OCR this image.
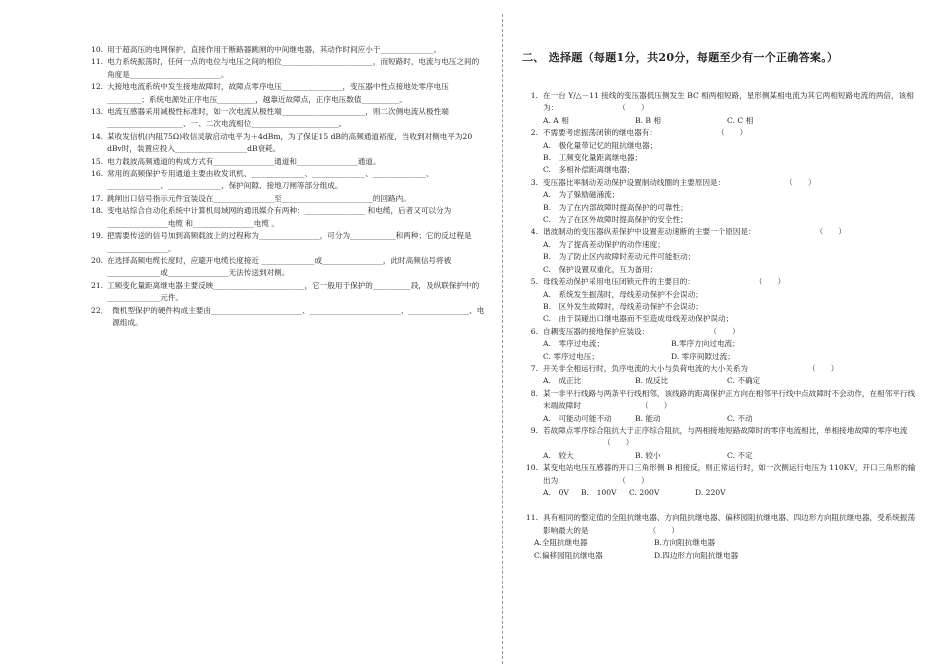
10. 用于超高压的电网保护，直接作用于断路器跳闸的中间继电器，其动作时间应小于______________。
11. 电力系统振荡时，任何一点的电位与电压之间的相位________________________，而短路时，电流与电压之间的角度是________________________。
12. 大接地电流系统中发生接地故障时，故障点零序电压________________，变压器中性点接地处零序电压_________；系统电源处正序电压__________，越靠近故障点，正序电压数值__________。
13. 电流互感器采用减极性标准时，如一次电流从极性端______________________，则二次侧电流从极性端____________________、一、二次电流相位_______________________。
14. 某收发信机(内阻75Ω)收信灵敏启动电平为＋4dBm，为了保证15 dB的高频通道裕度，当收到对侧电平为20 dBv时，装置应投入___________________dB衰耗。
15. 电力载波高频通道的构成方式有________________通道和________________通道。
16. 常用的高频保护专用通道主要由收发讯机、______________、______________、______________、______________、______________、保护间隙、接地刀闸等部分组成。
17. 跳闸出口信号指示元件宜装设在________________至________________________的回路内。
18. 变电站综合自动化系统中计算机局域网的通讯媒介有两种：________________ 和电缆，后者又可以分为________________电缆 和________________电缆 。
19. 把需要传送的信号加到高频载波上的过程称为________________，可分为____________和两种；它的反过程是________________。
20. 在选择高频电缆长度时，应避开电缆长度接近 ______________或________________，此时高频信号将被______________或________________无法传送到对侧。
21. 工频变化量距离继电器主要反映________________________，它一般用于保护的__________段，及纵联保护中的______________元件。
22． 微机型保护的硬件构成主要由________________________、________________________、________________、电源组成。
二、 选择题（每题1分，共20分，每题至少有一个正确答案。）
1. 在一台 Y/△－11 接线的变压器低压侧发生 BC 相两相短路，星形侧某相电流为其它两相短路电流的两倍，该相为：	（　　）
A. A 相	B. B 相	C. C 相
2. 不需要考虑振荡闭锁的继电器有：	（　　）
A.　极化量带记忆的阻抗继电器；
B.　工频变化量距离继电器；
C.　多相补偿距离继电器；
3. 变压器比率制动差动保护设置制动线圈的主要原因是：	（　　）
A.　为了躲励磁涌流；
B.　为了在内部故障时提高保护的可靠性；
C.　为了在区外故障时提高保护的安全性；
4. 谐波制动的变压器纵差保护中设置差动速断的主要一个原因是：	（　　）
A.　为了提高差动保护的动作速度；
B.　为了防止区内故障时差动元件可能拒动；
C.　保护设置双重化，互为备用；
5. 母线差动保护采用电压闭锁元件的主要目的：	（　　）
A.　系统发生振荡时，母线差动保护不会误动；
B.　区外发生故障时，母线差动保护不会误动；
C.　由于误碰出口继电器而不至造成母线差动保护误动；
6. 自耦变压器的接地保护应装设：	（　　）
A.　零序过电流；	B.零序方向过电流；
C. 零序过电压；	D. 零序间隙过流；
7. 开关非全相运行时，负序电流的大小与负荷电流的大小关系为	（　　）
A.　成正比	B. 成反比	C. 不确定
8. 某一非平行线路与两条平行线相邻，该线路的距离保护正方向在相邻平行线中点故障时不会动作，在相邻平行线末端故障时	（　　）
A.　可能动可能不动	B. 能动	C. 不动
9. 若故障点零序综合阻抗大于正序综合阻抗，与两相接地短路故障时的零序电流相比，单相接地故障的零序电流（　　）
A.　较大	B. 较小	C. 不定
10. 某变电站电压互感器的开口三角形侧 B 相接反，则正常运行时，如一次侧运行电压为 110KV，开口三角形的输出为	（　　）
A.　0V	B.　100V	C. 200V	D. 220V
11. 具有相同的整定值的全阻抗继电器、方向阻抗继电器、偏移园阻抗继电器、四边形方向阻抗继电器，受系统振荡影响最大的是	（　　）
A.全阻抗继电器	B.方向阻抗继电器
C.偏移园阻抗继电器	D.四边形方向阻抗继电器
